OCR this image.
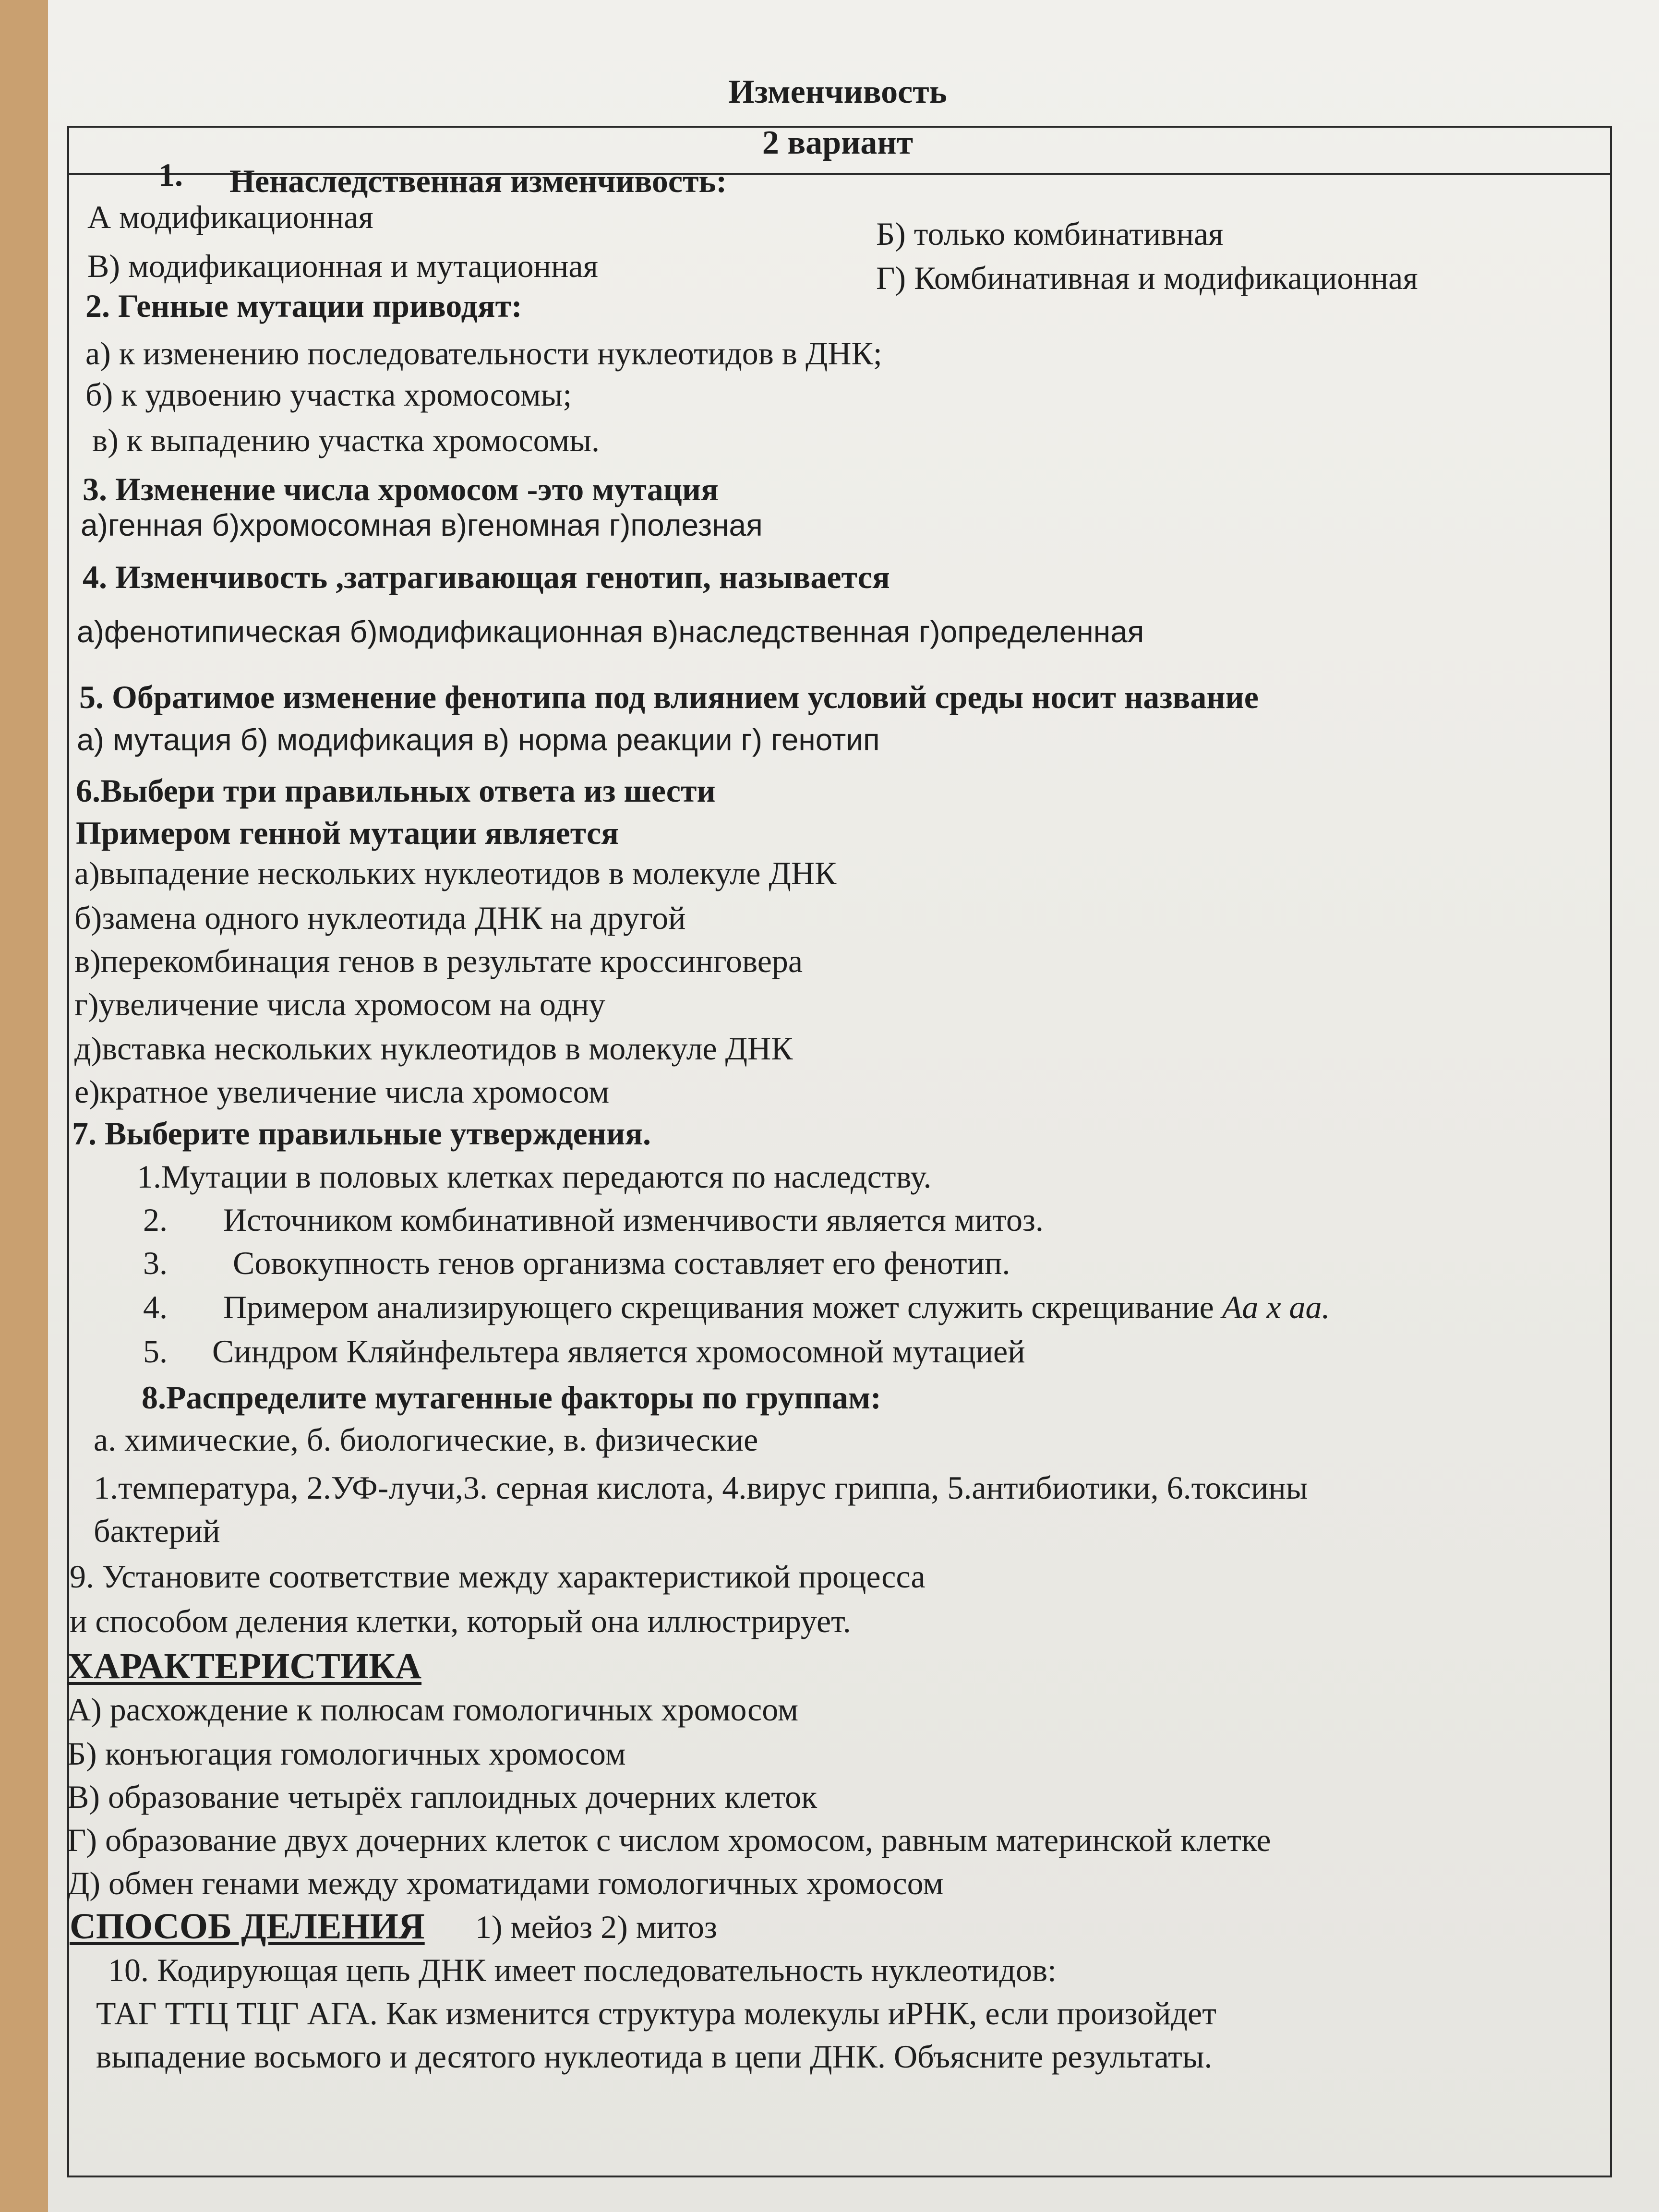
Изменчивость
2 вариант
1. Ненаследственная изменчивость:
А модификационная	Б) только комбинативная
В) модификационная и мутационная	Г) Комбинативная и модификационная
2. Генные мутации приводят:
а) к изменению последовательности нуклеотидов в ДНК;
б) к удвоению участка хромосомы;
в) к выпадению участка хромосомы.
3. Изменение числа хромосом -это мутация
а)генная б)хромосомная в)геномная г)полезная
4. Изменчивость ,затрагивающая генотип, называется
а)фенотипическая б)модификационная в)наследственная г)определенная
5. Обратимое изменение фенотипа под влиянием условий среды носит название
а) мутация б) модификация в) норма реакции г) генотип
6.Выбери три правильных ответа из шести
Примером генной мутации является
а)выпадение нескольких нуклеотидов в молекуле ДНК
б)замена одного нуклеотида ДНК на другой
в)перекомбинация генов в результате кроссинговера
г)увеличение числа хромосом на одну
д)вставка нескольких нуклеотидов в молекуле ДНК
е)кратное увеличение числа хромосом
7. Выберите правильные утверждения.
1.Мутации в половых клетках передаются по наследству.
2. Источником комбинативной изменчивости является митоз.
3. Совокупность генов организма составляет его фенотип.
4. Примером анализирующего скрещивания может служить скрещивание Aa x aa.
5. Синдром Кляйнфельтера является хромосомной мутацией
8.Распределите мутагенные факторы по группам:
а. химические, б. биологические, в. физические
1.температура, 2.УФ-лучи,3. серная кислота, 4.вирус гриппа, 5.антибиотики, 6.токсины
бактерий
9. Установите соответствие между характеристикой процесса
и способом деления клетки, который она иллюстрирует.
ХАРАКТЕРИСТИКА
А) расхождение к полюсам гомологичных хромосом
Б) конъюгация гомологичных хромосом
В) образование четырёх гаплоидных дочерних клеток
Г) образование двух дочерних клеток с числом хромосом, равным материнской клетке
Д) обмен генами между хроматидами гомологичных хромосом
СПОСОБ ДЕЛЕНИЯ 1) мейоз 2) митоз
10. Кодирующая цепь ДНК имеет последовательность нуклеотидов:
ТАГ ТТЦ ТЦГ АГА. Как изменится структура молекулы иРНК, если произойдет
выпадение восьмого и десятого нуклеотида в цепи ДНК. Объясните результаты.
